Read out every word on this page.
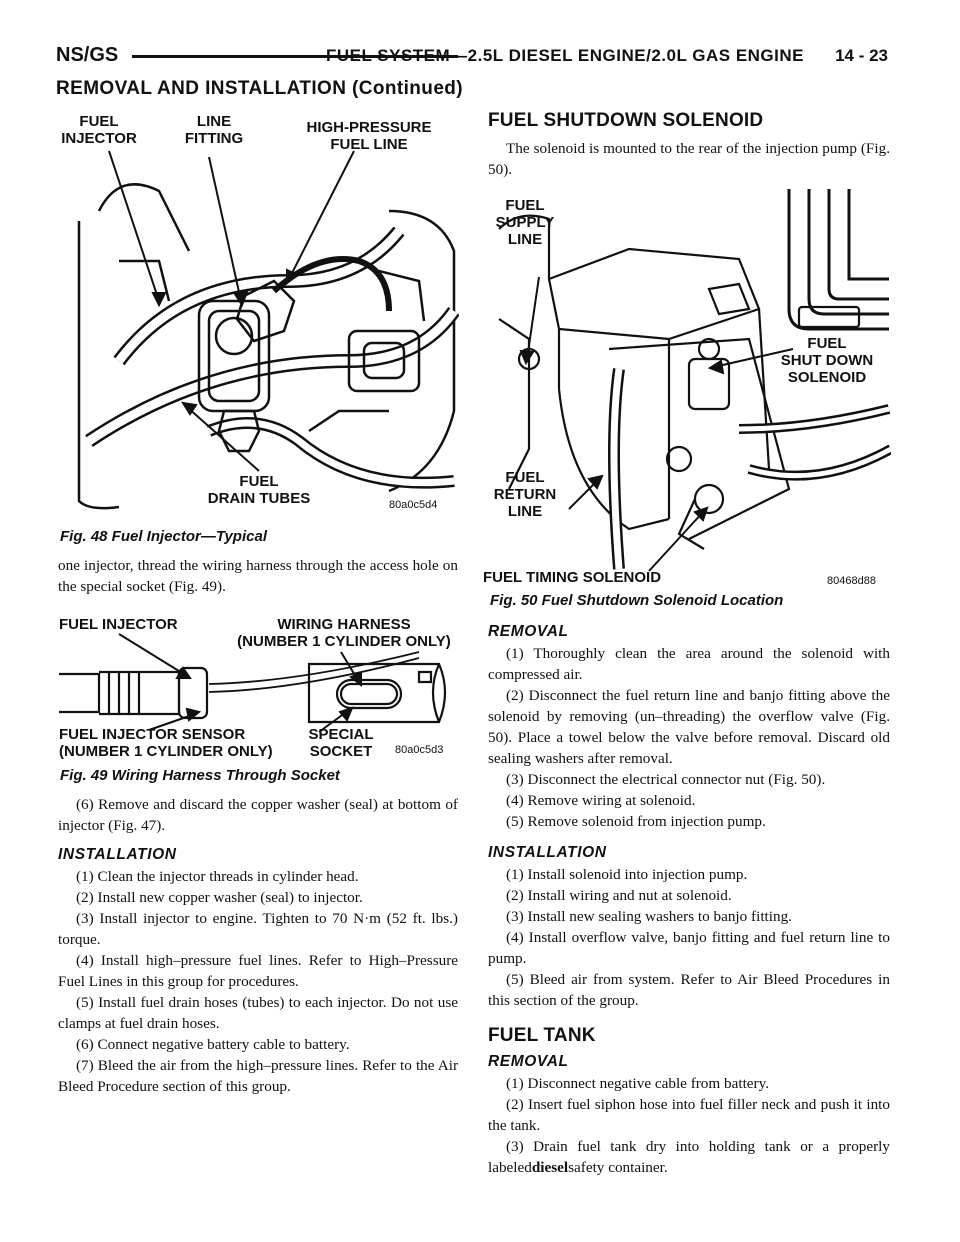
NS/GS	FUEL SYSTEM—2.5L DIESEL ENGINE/2.0L GAS ENGINE 14 - 23
REMOVAL AND INSTALLATION (Continued)
FUEL
INJECTOR
LINE
FITTING
HIGH-PRESSURE
FUEL LINE
FUEL
DRAIN TUBES	80a0c5d4
Fig. 48 Fuel Injector—Typical

one injector, thread the wiring harness through the access hole on the special socket (Fig. 49).

FUEL INJECTOR	WIRING HARNESS
(NUMBER 1 CYLINDER ONLY)
FUEL INJECTOR SENSOR
(NUMBER 1 CYLINDER ONLY)
SPECIAL
SOCKET	80a0c5d3
Fig. 49 Wiring Harness Through Socket

(6) Remove and discard the copper washer (seal) at bottom of injector (Fig. 47).

INSTALLATION

(1) Clean the injector threads in cylinder head.

(2) Install new copper washer (seal) to injector.

(3) Install injector to engine. Tighten to 70 N·m (52 ft. lbs.) torque.

(4) Install high–pressure fuel lines. Refer to High–Pressure Fuel Lines in this group for procedures.

(5) Install fuel drain hoses (tubes) to each injector. Do not use clamps at fuel drain hoses.

(6) Connect negative battery cable to battery.

(7) Bleed the air from the high–pressure lines. Refer to the Air Bleed Procedure section of this group.

FUEL SHUTDOWN SOLENOID

The solenoid is mounted to the rear of the injection pump (Fig. 50).

FUEL
SUPPLY
LINE
FUEL
SHUT DOWN
SOLENOID
FUEL
RETURN
LINE
FUEL TIMING SOLENOID	80468d88
Fig. 50 Fuel Shutdown Solenoid Location
REMOVAL

(1) Thoroughly clean the area around the solenoid with compressed air.

(2) Disconnect the fuel return line and banjo fitting above the solenoid by removing (un–threading) the overflow valve (Fig. 50). Place a towel below the valve before removal. Discard old sealing washers after removal.

(3) Disconnect the electrical connector nut (Fig. 50).

(4) Remove wiring at solenoid.

(5) Remove solenoid from injection pump.

INSTALLATION

(1) Install solenoid into injection pump.

(2) Install wiring and nut at solenoid.

(3) Install new sealing washers to banjo fitting.

(4) Install overflow valve, banjo fitting and fuel return line to pump.

(5) Bleed air from system. Refer to Air Bleed Procedures in this section of the group.

FUEL TANK
REMOVAL

(1) Disconnect negative cable from battery.

(2) Insert fuel siphon hose into fuel filler neck and push it into the tank.

(3) Drain fuel tank dry into holding tank or a properly labeleddieselsafety container.
